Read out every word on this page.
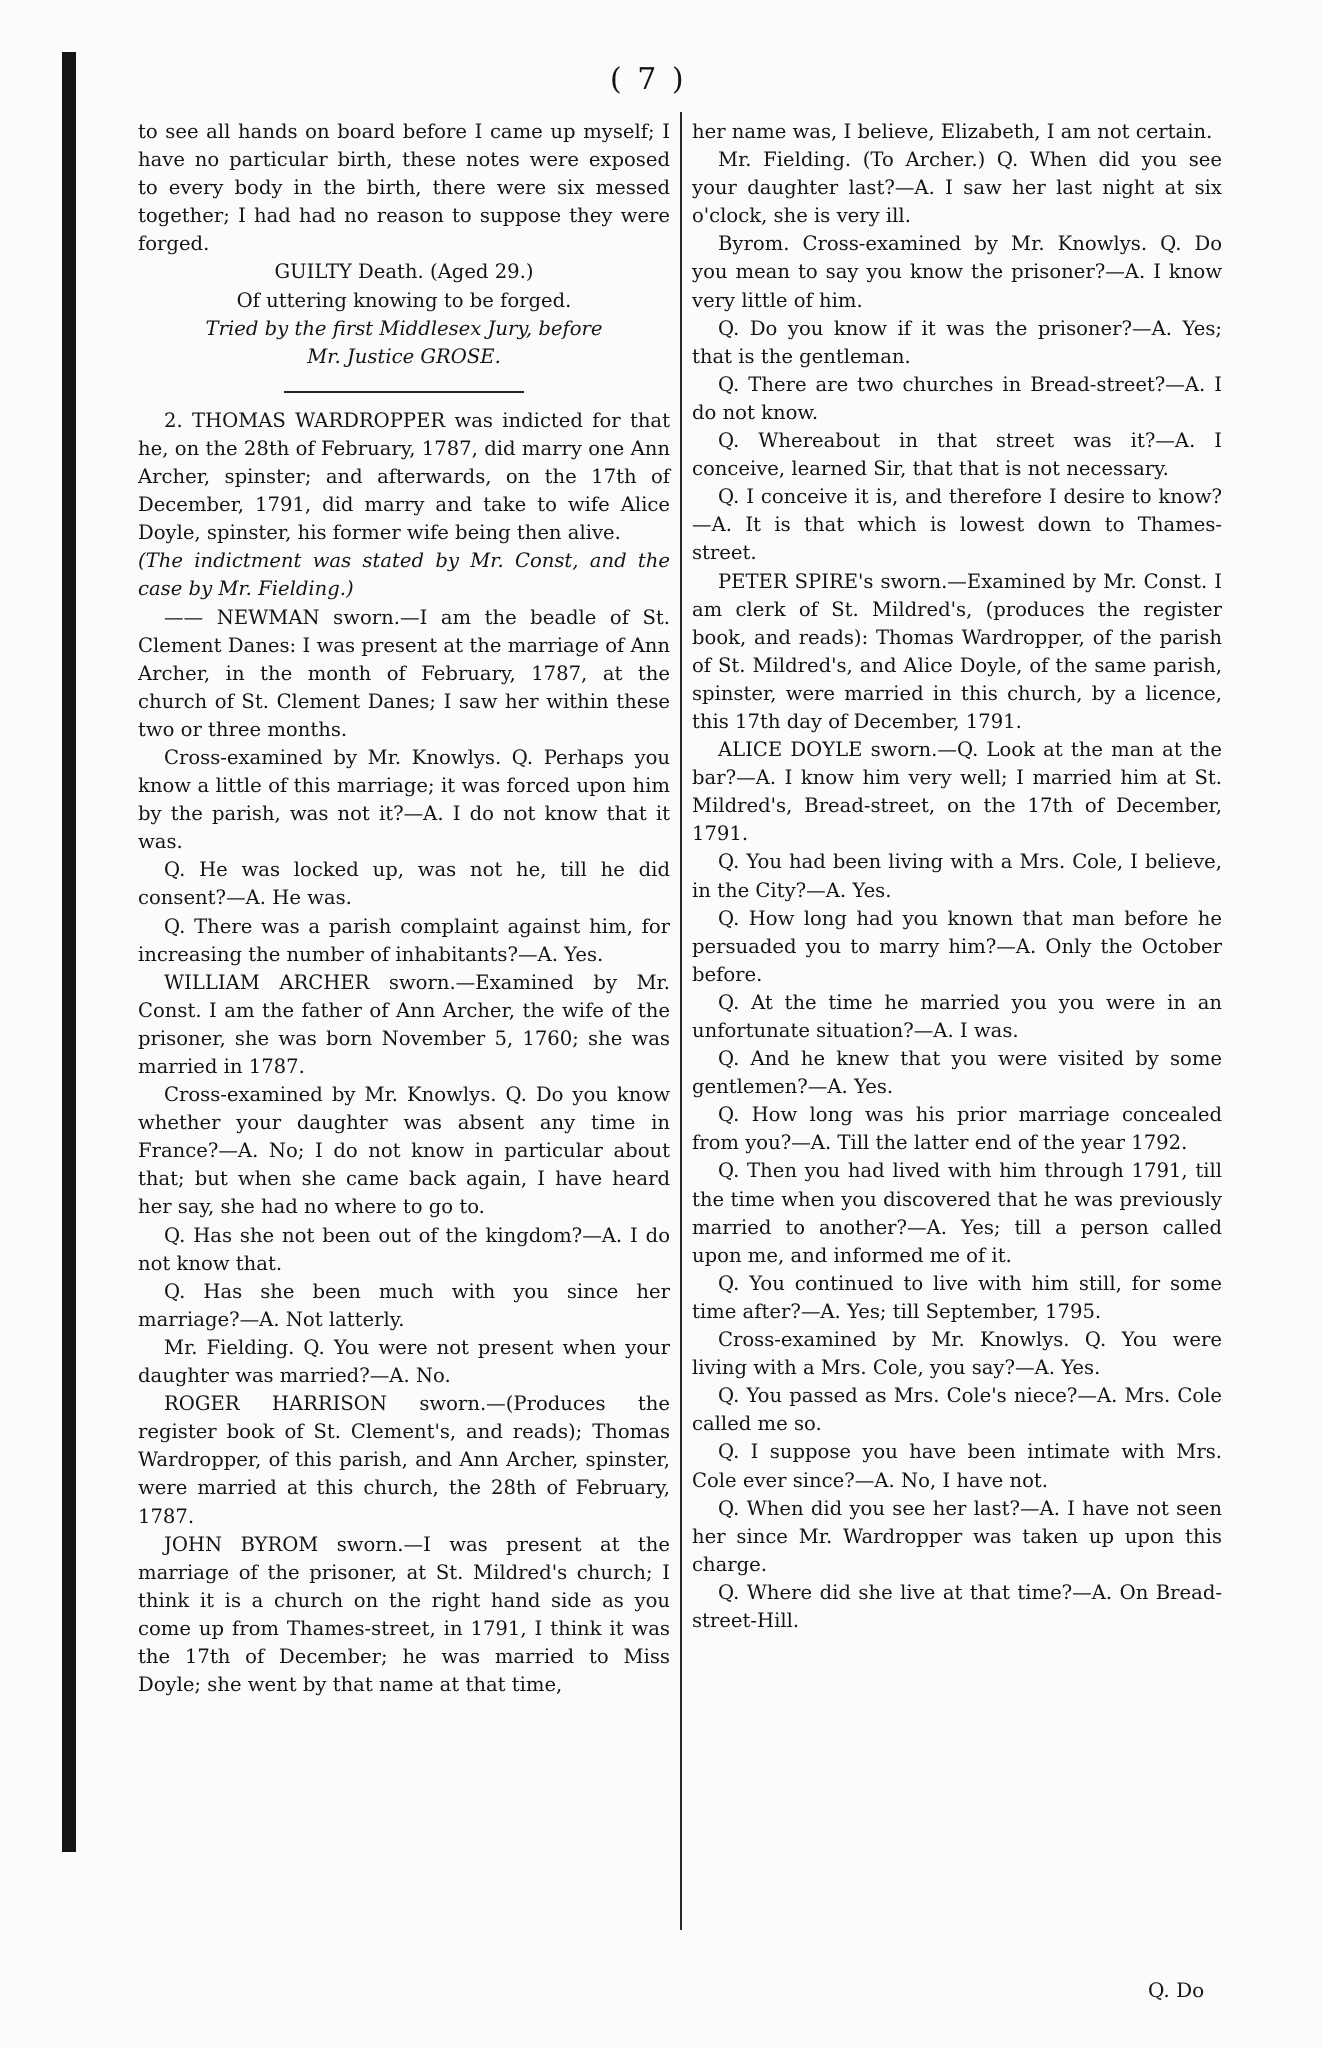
( 7 )

to see all hands on board before I came up myself; I have no particular birth, these notes were exposed to every body in the birth, there were six messed together; I had had no reason to suppose they were forged.

GUILTY Death. (Aged 29.)

Of uttering knowing to be forged.

Tried by the first Middlesex Jury, before

Mr. Justice GROSE.

2. THOMAS WARDROPPER was indicted for that he, on the 28th of February, 1787, did marry one Ann Archer, spinster; and afterwards, on the 17th of December, 1791, did marry and take to wife Alice Doyle, spinster, his former wife being then alive.

(The indictment was stated by Mr. Const, and the case by Mr. Fielding.)

—— NEWMAN sworn.—I am the beadle of St. Clement Danes: I was present at the marriage of Ann Archer, in the month of February, 1787, at the church of St. Clement Danes; I saw her within these two or three months.

Cross-examined by Mr. Knowlys. Q. Perhaps you know a little of this marriage; it was forced upon him by the parish, was not it?—A. I do not know that it was.

Q. He was locked up, was not he, till he did consent?—A. He was.

Q. There was a parish complaint against him, for increasing the number of inhabitants?—A. Yes.

WILLIAM ARCHER sworn.—Examined by Mr. Const. I am the father of Ann Archer, the wife of the prisoner, she was born November 5, 1760; she was married in 1787.

Cross-examined by Mr. Knowlys. Q. Do you know whether your daughter was absent any time in France?—A. No; I do not know in particular about that; but when she came back again, I have heard her say, she had no where to go to.

Q. Has she not been out of the kingdom?—A. I do not know that.

Q. Has she been much with you since her marriage?—A. Not latterly.

Mr. Fielding. Q. You were not present when your daughter was married?—A. No.

ROGER HARRISON sworn.—(Produces the register book of St. Clement's, and reads); Thomas Wardropper, of this parish, and Ann Archer, spinster, were married at this church, the 28th of February, 1787.

JOHN BYROM sworn.—I was present at the marriage of the prisoner, at St. Mildred's church; I think it is a church on the right hand side as you come up from Thames-street, in 1791, I think it was the 17th of December; he was married to Miss Doyle; she went by that name at that time,

her name was, I believe, Elizabeth, I am not certain.

Mr. Fielding. (To Archer.) Q. When did you see your daughter last?—A. I saw her last night at six o'clock, she is very ill.

Byrom. Cross-examined by Mr. Knowlys. Q. Do you mean to say you know the prisoner?—A. I know very little of him.

Q. Do you know if it was the prisoner?—A. Yes; that is the gentleman.

Q. There are two churches in Bread-street?—A. I do not know.

Q. Whereabout in that street was it?—A. I conceive, learned Sir, that that is not necessary.

Q. I conceive it is, and therefore I desire to know?—A. It is that which is lowest down to Thames-street.

PETER SPIRE's sworn.—Examined by Mr. Const. I am clerk of St. Mildred's, (produces the register book, and reads): Thomas Wardropper, of the parish of St. Mildred's, and Alice Doyle, of the same parish, spinster, were married in this church, by a licence, this 17th day of December, 1791.

ALICE DOYLE sworn.—Q. Look at the man at the bar?—A. I know him very well; I married him at St. Mildred's, Bread-street, on the 17th of December, 1791.

Q. You had been living with a Mrs. Cole, I believe, in the City?—A. Yes.

Q. How long had you known that man before he persuaded you to marry him?—A. Only the October before.

Q. At the time he married you you were in an unfortunate situation?—A. I was.

Q. And he knew that you were visited by some gentlemen?—A. Yes.

Q. How long was his prior marriage concealed from you?—A. Till the latter end of the year 1792.

Q. Then you had lived with him through 1791, till the time when you discovered that he was previously married to another?—A. Yes; till a person called upon me, and informed me of it.

Q. You continued to live with him still, for some time after?—A. Yes; till September, 1795.

Cross-examined by Mr. Knowlys. Q. You were living with a Mrs. Cole, you say?—A. Yes.

Q. You passed as Mrs. Cole's niece?—A. Mrs. Cole called me so.

Q. I suppose you have been intimate with Mrs. Cole ever since?—A. No, I have not.

Q. When did you see her last?—A. I have not seen her since Mr. Wardropper was taken up upon this charge.

Q. Where did she live at that time?—A. On Bread-street-Hill.

Q. Do
